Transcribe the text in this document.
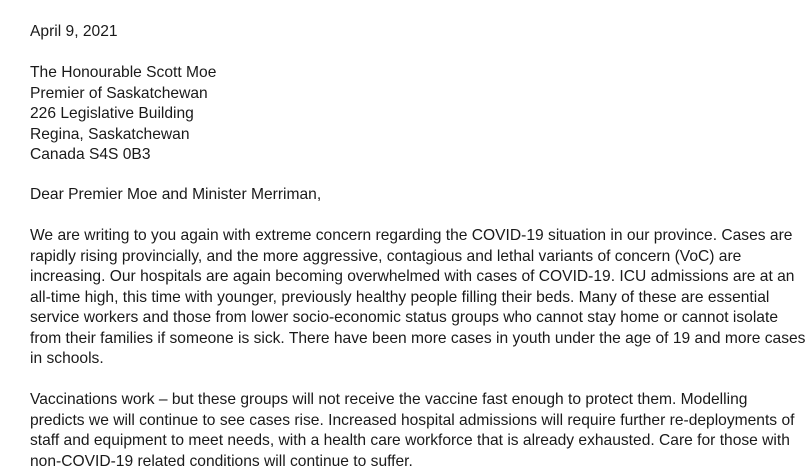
April 9, 2021
The Honourable Scott Moe
Premier of Saskatchewan
226 Legislative Building
Regina, Saskatchewan
Canada S4S 0B3
Dear Premier Moe and Minister Merriman,
We are writing to you again with extreme concern regarding the COVID-19 situation in our province. Cases are
rapidly rising provincially, and the more aggressive, contagious and lethal variants of concern (VoC) are
increasing. Our hospitals are again becoming overwhelmed with cases of COVID-19. ICU admissions are at an
all-time high, this time with younger, previously healthy people filling their beds. Many of these are essential
service workers and those from lower socio-economic status groups who cannot stay home or cannot isolate
from their families if someone is sick. There have been more cases in youth under the age of 19 and more cases
in schools.
Vaccinations work – but these groups will not receive the vaccine fast enough to protect them. Modelling
predicts we will continue to see cases rise. Increased hospital admissions will require further re-deployments of
staff and equipment to meet needs, with a health care workforce that is already exhausted. Care for those with
non-COVID-19 related conditions will continue to suffer.
